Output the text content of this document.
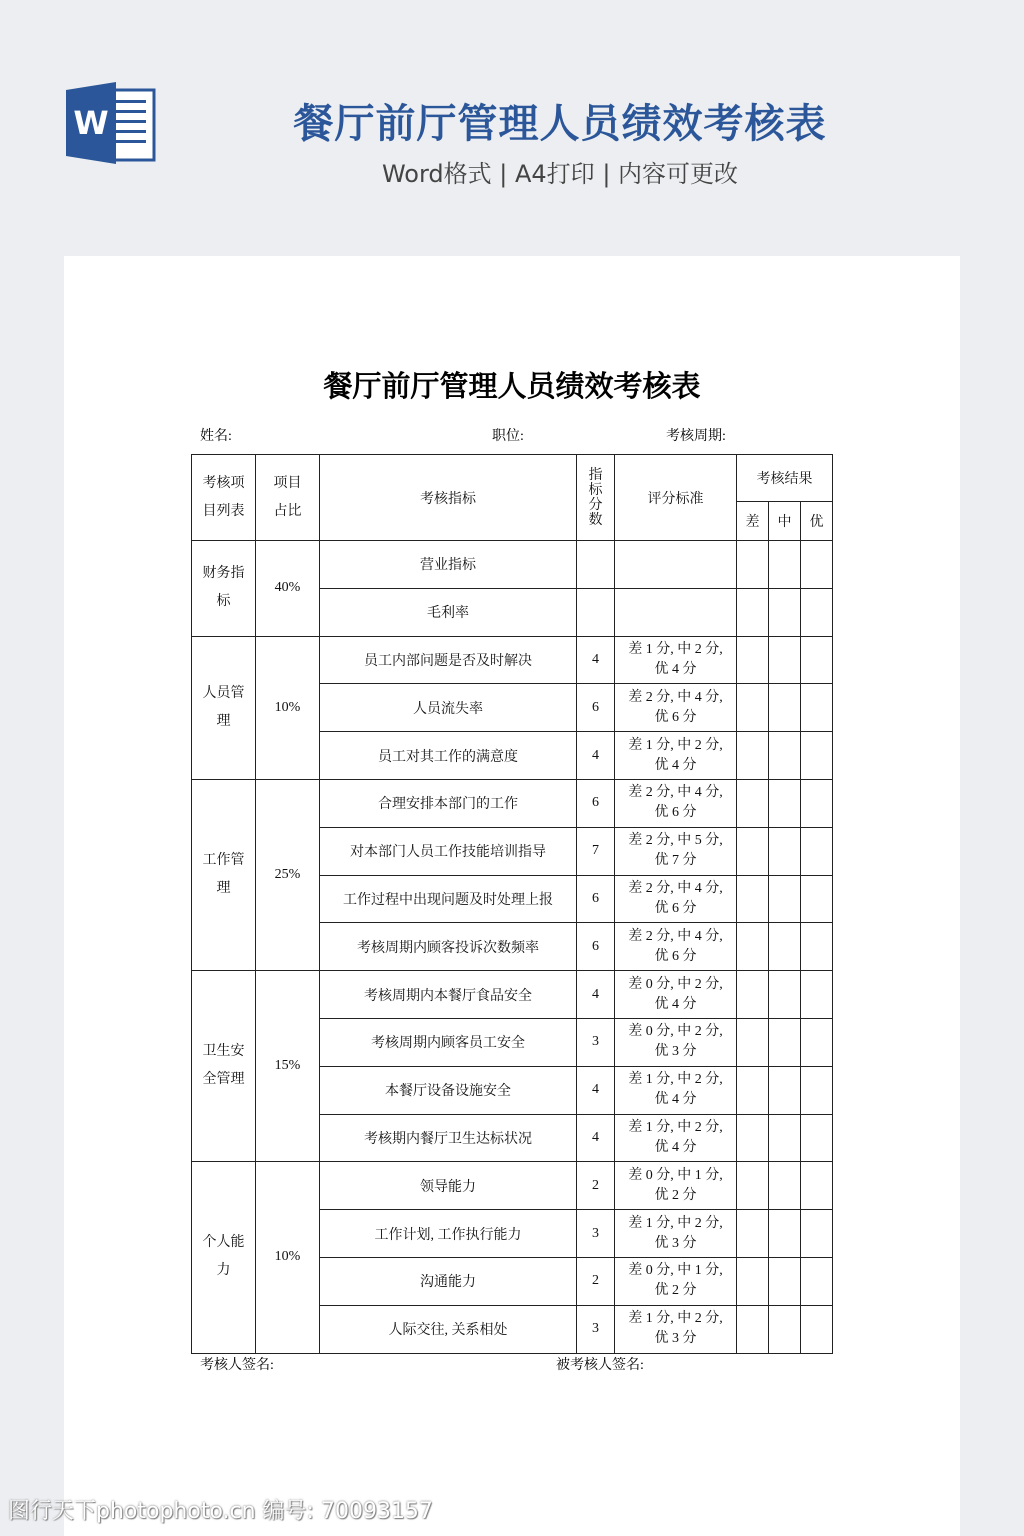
W	餐厅前厅管理人员绩效考核表
Word格式 | A4打印 | 内容可更改
餐厅前厅管理人员绩效考核表
姓名:	职位:	考核周期:
考核项目列表	项目占比	考核指标	指标分数	评分标准	考核结果		
					差	中	优

财务指标	40%	营业指标		

		毛利率		

人员管理	10%	员工内部问题是否及时解决	4	差 1 分, 中 2 分, 优 4 分			

		人员流失率	6	差 2 分, 中 4 分, 优 6 分			

		员工对其工作的满意度	4	差 1 分, 中 2 分, 优 4 分			

工作管理	25%	合理安排本部门的工作	6	差 2 分, 中 4 分, 优 6 分			

		对本部门人员工作技能培训指导	7	差 2 分, 中 5 分, 优 7 分			

		工作过程中出现问题及时处理上报	6	差 2 分, 中 4 分, 优 6 分			

		考核周期内顾客投诉次数频率	6	差 2 分, 中 4 分, 优 6 分			

卫生安全管理	15%	考核周期内本餐厅食品安全	4	差 0 分, 中 2 分, 优 4 分			

		考核周期内顾客员工安全	3	差 0 分, 中 2 分, 优 3 分			

		本餐厅设备设施安全	4	差 1 分, 中 2 分, 优 4 分			

		考核期内餐厅卫生达标状况	4	差 1 分, 中 2 分, 优 4 分			

个人能力	10%	领导能力	2	差 0 分, 中 1 分, 优 2 分			

		工作计划, 工作执行能力	3	差 1 分, 中 2 分, 优 3 分			

		沟通能力	2	差 0 分, 中 1 分, 优 2 分			

		人际交往, 关系相处	3	差 1 分, 中 2 分, 优 3 分			

考核人签名:	被考核人签名:
图行天下photophoto.cn 编号: 70093157
